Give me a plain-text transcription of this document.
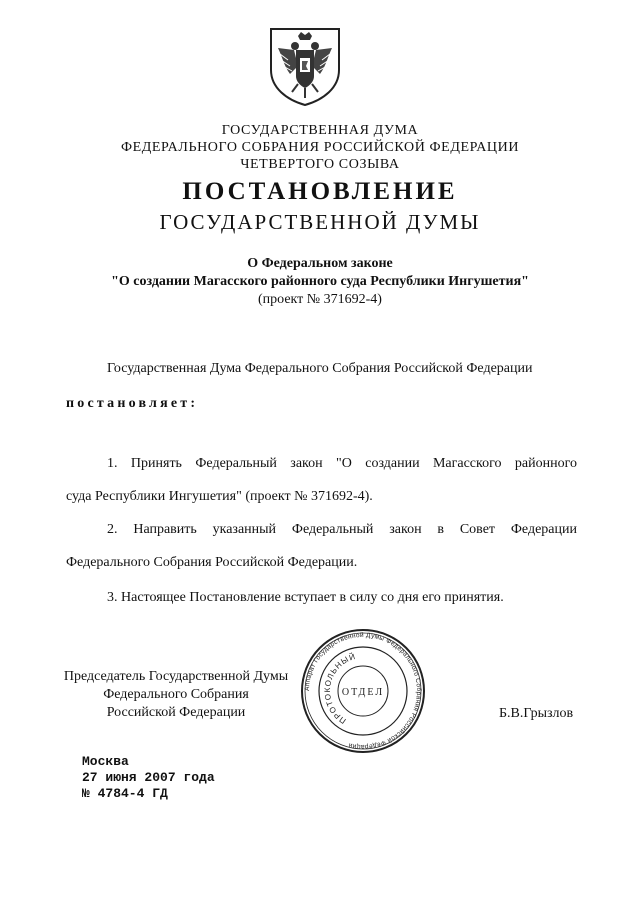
ГОСУДАРСТВЕННАЯ ДУМА
ФЕДЕРАЛЬНОГО СОБРАНИЯ РОССИЙСКОЙ ФЕДЕРАЦИИ
ЧЕТВЕРТОГО СОЗЫВА
ПОСТАНОВЛЕНИЕ
ГОСУДАРСТВЕННОЙ ДУМЫ
О Федеральном законе
"О создании Магасского районного суда Республики Ингушетия"
(проект № 371692-4)
Государственная Дума Федерального Собрания Российской Федерации
постановляет:
1. Принять Федеральный закон "О создании Магасского районного
суда Республики Ингушетия" (проект № 371692-4).
2. Направить указанный Федеральный закон в Совет Федерации
Федерального Собрания Российской Федерации.
3. Настоящее Постановление вступает в силу со дня его принятия.
Председатель Государственной Думы
Федерального Собрания
Российской Федерации	Б.В.Грызлов
Аппарат Государственной Думы Федерального Собрания Российской Федерации
ПРОТОКОЛЬНЫЙ
ОТДЕЛ
Москва
27 июня 2007 года
№ 4784-4 ГД
